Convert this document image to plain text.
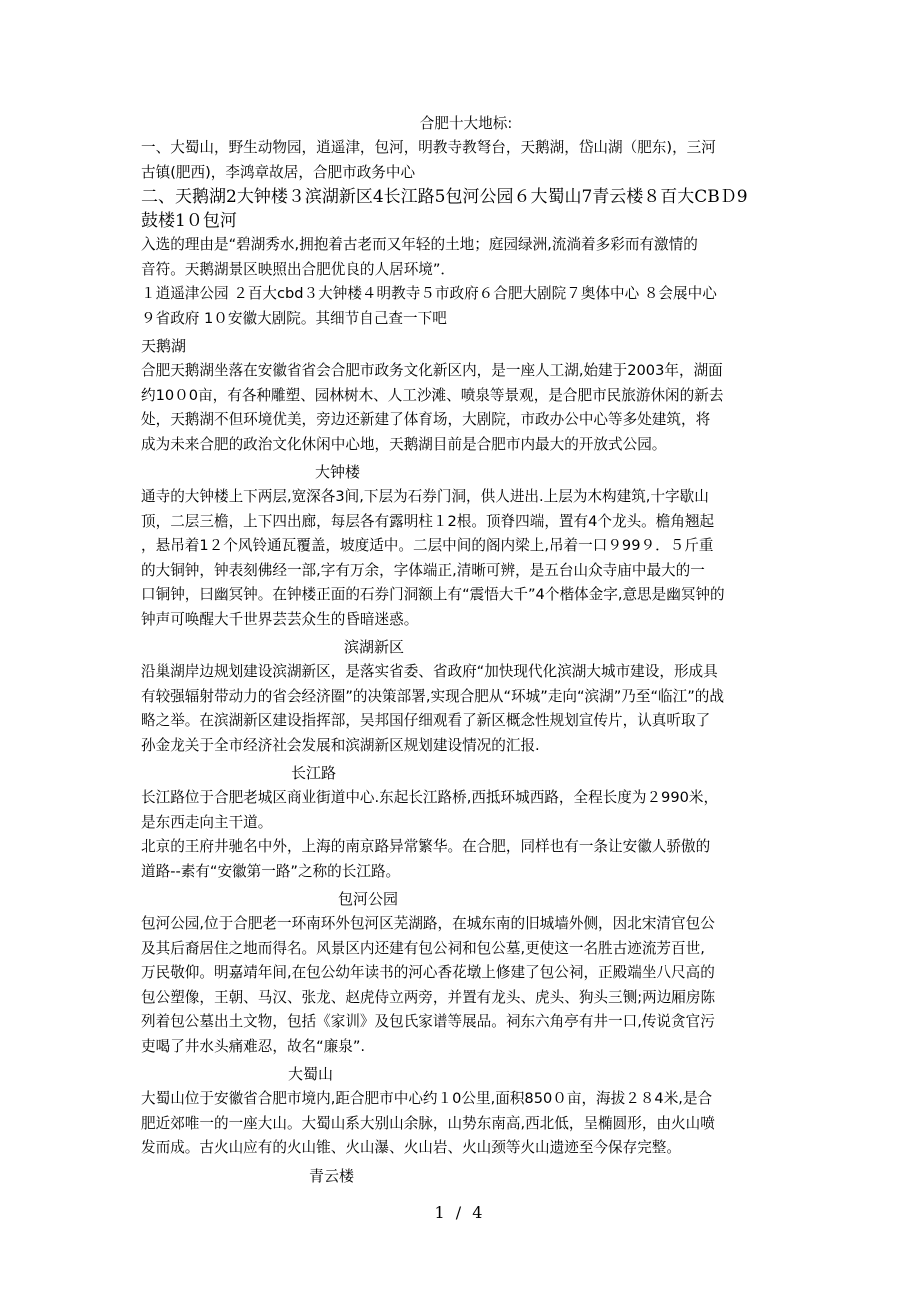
合肥十大地标:
一、大蜀山，野生动物园，逍遥津，包河，明教寺教弩台，天鹅湖，岱山湖（肥东)，三河
古镇(肥西)，李鸿章故居，合肥市政务中心
二、天鹅湖2大钟楼３滨湖新区4长江路5包河公园６大蜀山7青云楼８百大CBＤ9
鼓楼1０包河
入选的理由是“碧湖秀水,拥抱着古老而又年轻的土地；庭园绿洲,流淌着多彩而有激情的
音符。天鹅湖景区映照出合肥优良的人居环境”．
１逍遥津公园 ２百大cbd３大钟楼４明教寺５市政府６合肥大剧院７奥体中心 ８会展中心
９省政府 1０安徽大剧院。其细节自己查一下吧
天鹅湖
合肥天鹅湖坐落在安徽省省会合肥市政务文化新区内，是一座人工湖,始建于2003年，湖面
约10０0亩，有各种雕塑、园林树木、人工沙滩、喷泉等景观，是合肥市民旅游休闲的新去
处，天鹅湖不但环境优美，旁边还新建了体育场，大剧院，市政办公中心等多处建筑，将
成为未来合肥的政治文化休闲中心地，天鹅湖目前是合肥市内最大的开放式公园。
大钟楼
通寺的大钟楼上下两层,宽深各3间,下层为石券门洞，供人进出.上层为木构建筑,十字歇山
顶，二层三檐，上下四出廊，每层各有露明柱１2根。顶脊四端，置有4个龙头。檐角翘起
，悬吊着1２个风铃通瓦覆盖，坡度适中。二层中间的阁内梁上,吊着一口９99９．５斤重
的大铜钟，钟表刻佛经一部,字有万余，字体端正,清晰可辨，是五台山众寺庙中最大的一
口铜钟，曰幽冥钟。在钟楼正面的石券门洞额上有“震悟大千”4个楷体金字,意思是幽冥钟的
钟声可唤醒大千世界芸芸众生的昏暗迷惑。
滨湖新区
沿巢湖岸边规划建设滨湖新区，是落实省委、省政府“加快现代化滨湖大城市建设，形成具
有较强辐射带动力的省会经济圈”的决策部署,实现合肥从“环城”走向“滨湖”乃至“临江”的战
略之举。在滨湖新区建设指挥部，吴邦国仔细观看了新区概念性规划宣传片，认真听取了
孙金龙关于全市经济社会发展和滨湖新区规划建设情况的汇报.
长江路
长江路位于合肥老城区商业街道中心.东起长江路桥,西抵环城西路，全程长度为２990米，
是东西走向主干道。
北京的王府井驰名中外，上海的南京路异常繁华。在合肥，同样也有一条让安徽人骄傲的
道路--素有“安徽第一路”之称的长江路。
包河公园
包河公园,位于合肥老一环南环外包河区芜湖路，在城东南的旧城墙外侧，因北宋清官包公
及其后裔居住之地而得名。风景区内还建有包公祠和包公墓,更使这一名胜古迹流芳百世,
万民敬仰。明嘉靖年间,在包公幼年读书的河心香花墩上修建了包公祠，正殿端坐八尺高的
包公塑像，王朝、马汉、张龙、赵虎侍立两旁，并置有龙头、虎头、狗头三铡;两边厢房陈
列着包公墓出土文物，包括《家训》及包氏家谱等展品。祠东六角亭有井一口,传说贪官污
吏喝了井水头痛难忍，故名“廉泉”.
大蜀山
大蜀山位于安徽省合肥市境内,距合肥市中心约１0公里,面积850０亩，海拔２８4米,是合
肥近郊唯一的一座大山。大蜀山系大别山余脉，山势东南高,西北低，呈椭圆形，由火山喷
发而成。古火山应有的火山锥、火山瀑、火山岩、火山颈等火山遗迹至今保存完整。
青云楼
1 / 4
